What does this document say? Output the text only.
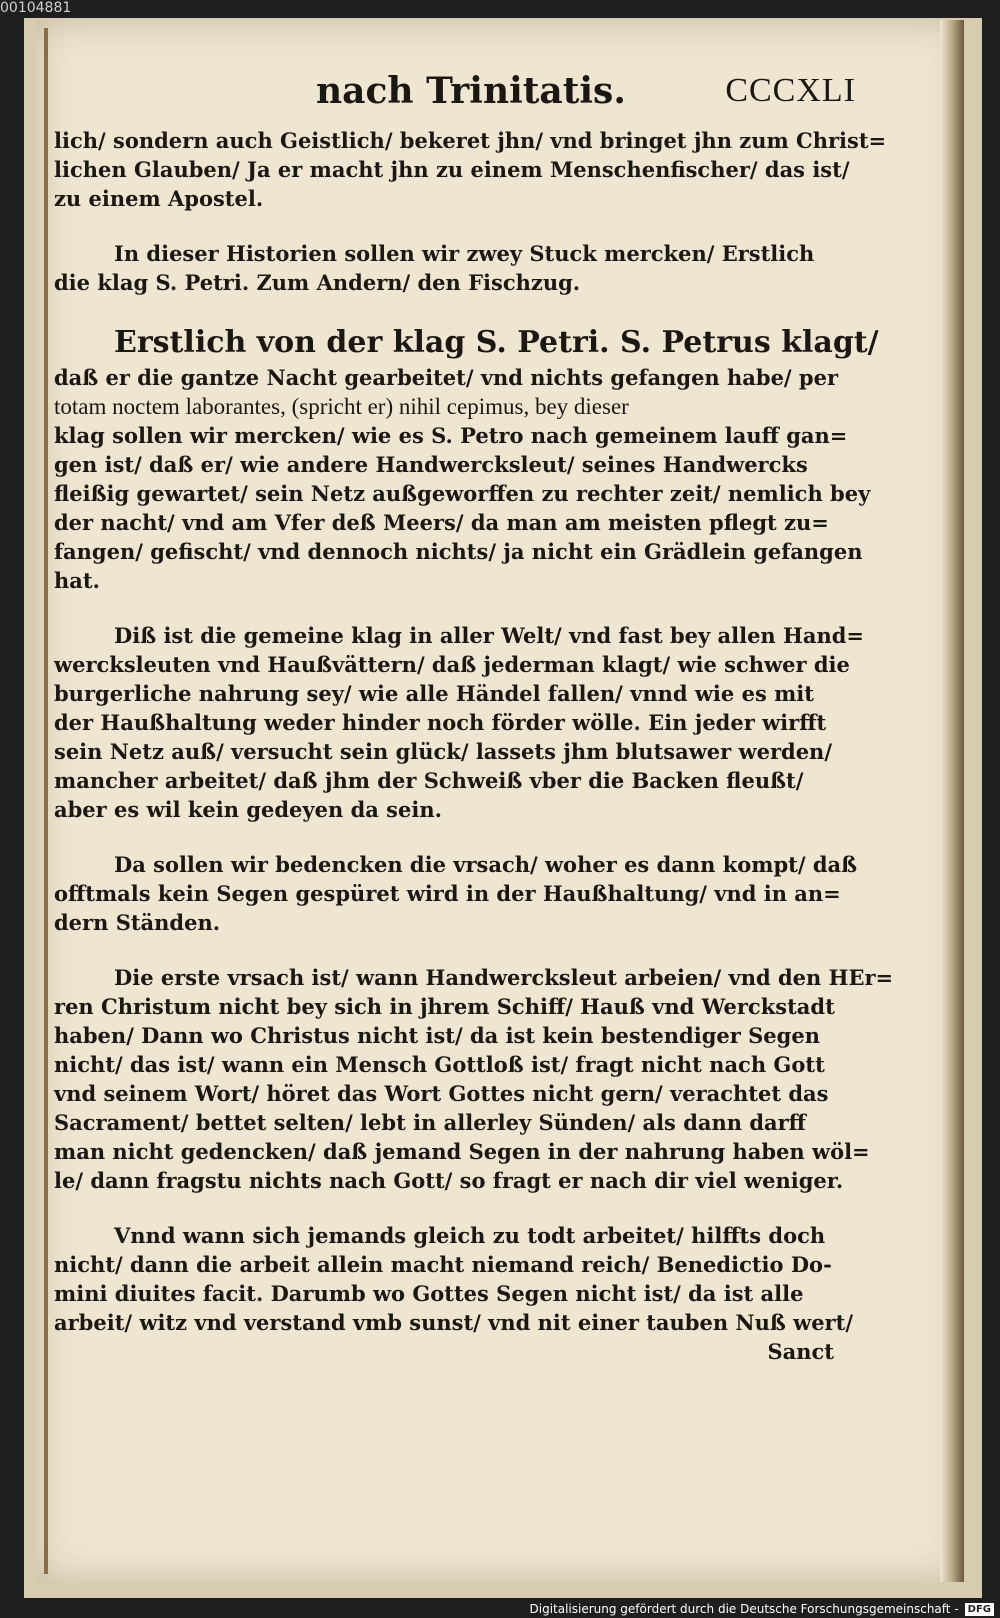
00104881
nach Trinitatis.	CCCXLI
lich/ sondern auch Geistlich/ bekeret jhn/ vnd bringet jhn zum Christ=
lichen Glauben/ Ja er macht jhn zu einem Menschenfischer/ das ist/
zu einem Apostel.
In dieser Historien sollen wir zwey Stuck mercken/ Erstlich
die klag S. Petri. Zum Andern/ den Fischzug.
Erstlich von der klag S. Petri. S. Petrus klagt/
daß er die gantze Nacht gearbeitet/ vnd nichts gefangen habe/ per
totam noctem laborantes, (spricht er) nihil cepimus, bey dieser
klag sollen wir mercken/ wie es S. Petro nach gemeinem lauff gan=
gen ist/ daß er/ wie andere Handwercksleut/ seines Handwercks
fleißig gewartet/ sein Netz außgeworffen zu rechter zeit/ nemlich bey
der nacht/ vnd am Vfer deß Meers/ da man am meisten pflegt zu=
fangen/ gefischt/ vnd dennoch nichts/ ja nicht ein Grädlein gefangen
hat.
Diß ist die gemeine klag in aller Welt/ vnd fast bey allen Hand=
wercksleuten vnd Haußvättern/ daß jederman klagt/ wie schwer die
burgerliche nahrung sey/ wie alle Händel fallen/ vnnd wie es mit
der Haußhaltung weder hinder noch förder wölle. Ein jeder wirfft
sein Netz auß/ versucht sein glück/ lassets jhm blutsawer werden/
mancher arbeitet/ daß jhm der Schweiß vber die Backen fleußt/
aber es wil kein gedeyen da sein.
Da sollen wir bedencken die vrsach/ woher es dann kompt/ daß
offtmals kein Segen gespüret wird in der Haußhaltung/ vnd in an=
dern Ständen.
Die erste vrsach ist/ wann Handwercksleut arbeien/ vnd den HEr=
ren Christum nicht bey sich in jhrem Schiff/ Hauß vnd Werckstadt
haben/ Dann wo Christus nicht ist/ da ist kein bestendiger Segen
nicht/ das ist/ wann ein Mensch Gottloß ist/ fragt nicht nach Gott
vnd seinem Wort/ höret das Wort Gottes nicht gern/ verachtet das
Sacrament/ bettet selten/ lebt in allerley Sünden/ als dann darff
man nicht gedencken/ daß jemand Segen in der nahrung haben wöl=
le/ dann fragstu nichts nach Gott/ so fragt er nach dir viel weniger.
Vnnd wann sich jemands gleich zu todt arbeitet/ hilffts doch
nicht/ dann die arbeit allein macht niemand reich/ Benedictio Do-
mini diuites facit. Darumb wo Gottes Segen nicht ist/ da ist alle
arbeit/ witz vnd verstand vmb sunst/ vnd nit einer tauben Nuß wert/
Sanct
Digitalisierung gefördert durch die Deutsche Forschungsgemeinschaft - DFG
